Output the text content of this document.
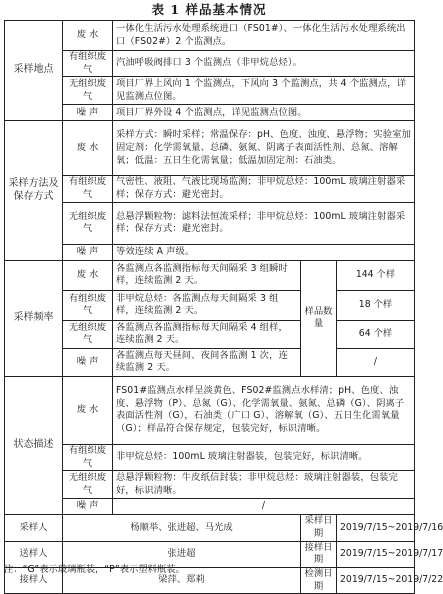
表 1 样品基本情况
采样地点	废 水	一体化生活污水处理系统进口（FS01#）、一体化生活污水处理系统出口（FS02#）2 个监测点。		
	有组织废气	汽油呼吸阀排口 3 个监测点（非甲烷总烃）。		
	无组织废气	项目厂界上风向 1 个监测点，下风向 3 个监测点，共 4 个监测点，详见监测点位图。		
	噪 声	项目厂界外设 4 个监测点，详见监测点位图。		
采样方法及保存方式	废 水	采样方式：瞬时采样；常温保存：pH、色度、浊度、悬浮物；实验室加固定剂：化学需氧量、总磷、氨氮、阴离子表面活性剂、总氮、溶解氧；低温：五日生化需氧量；低温加固定剂：石油类。		
	有组织废气	气密性、液阻、气液比现场监测；非甲烷总烃：100mL 玻璃注射器采样；保存方式：避光密封。		
	无组织废气	总悬浮颗粒物：滤料法恒流采样；非甲烷总烃：100mL 玻璃注射器采样；保存方式：避光密封。		
	噪 声	等效连续 A 声级。		
采样频率	废 水	各监测点各监测指标每天间隔采 3 组瞬时样，连续监测 2 天。	样品数量	144 个样
	有组织废气	非甲烷总烃：各监测点每天间隔采 3 组样，连续监测 2 天。		18 个样
	无组织废气	各监测点各监测指标每天间隔采 4 组样，连续监测 2 天。		64 个样
	噪 声	各监测点每天昼间、夜间各监测 1 次，连续监测 2 天。		/
状态描述	废 水	FS01#监测点水样呈淡黄色、FS02#监测点水样清；pH、色度、浊度、悬浮物（P）、总氮（G）、化学需氧量、氨氮、总磷（G）、阴离子表面活性剂（G），石油类（广口 G）、溶解氧（G）、五日生化需氧量（G）；样品符合保存规定，包装完好，标识清晰。		
	有组织废气	非甲烷总烃：100mL 玻璃注射器装，包装完好，标识清晰。		
	无组织废气	总悬浮颗粒物：牛皮纸信封装；非甲烷总烃：玻璃注射器装，包装完好，标识清晰。		
	噪 声	/		
采样人	杨顺举、张进超、马光成		采样日期	2019/7/15~2019/7/16
送样人	张进超		接样日期	2019/7/15~2019/7/17
接样人	梁萍、郑莉		检测日期	2019/7/15~2019/7/22
注：“G”表示玻璃瓶装，“P”表示塑料瓶装。
